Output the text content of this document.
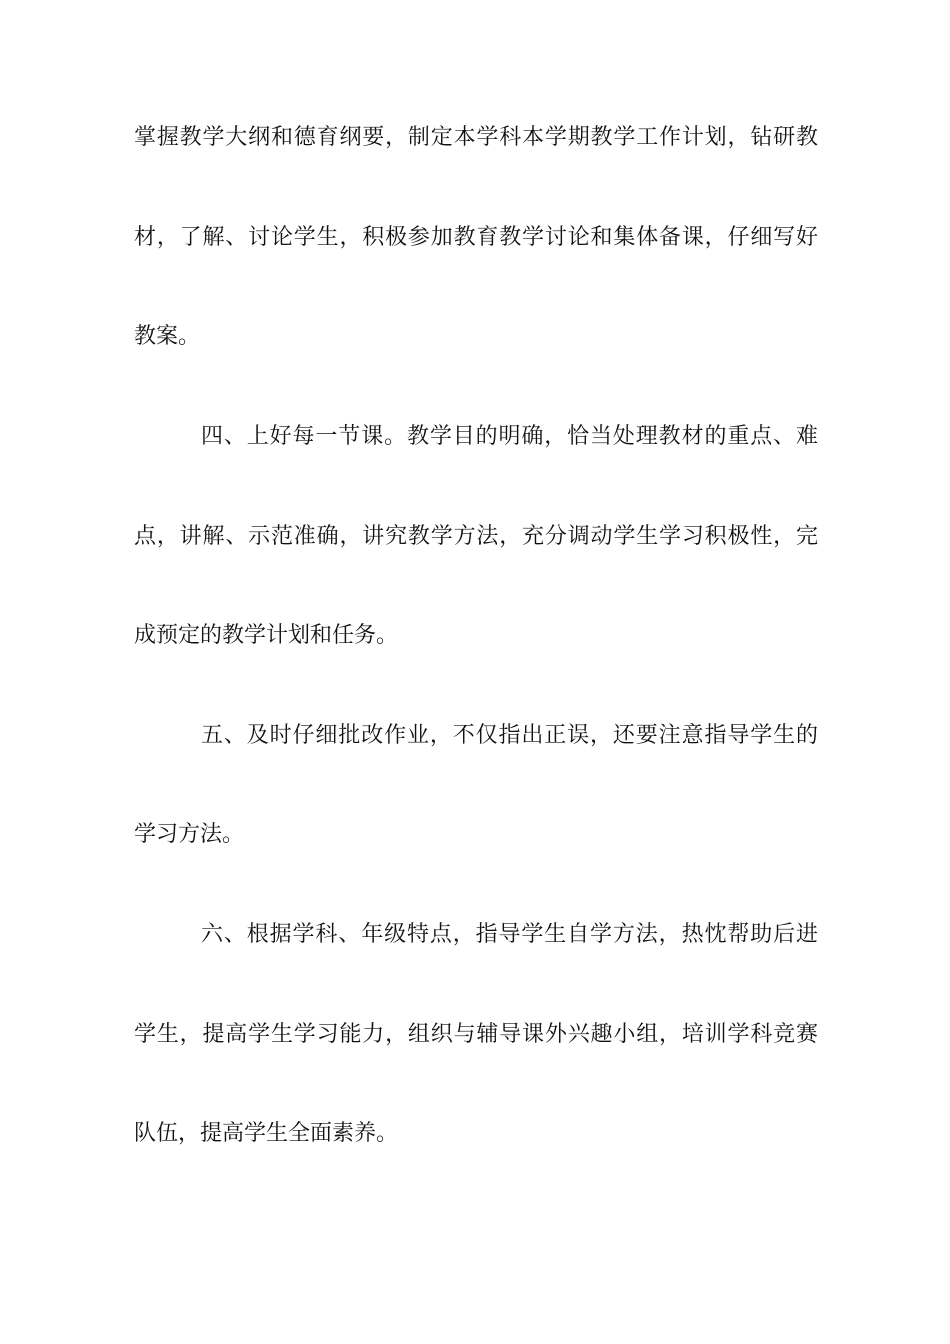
掌握教学大纲和德育纲要，制定本学科本学期教学工作计划，钻研教
材，了解、讨论学生，积极参加教育教学讨论和集体备课，仔细写好
教案。
四、上好每一节课。教学目的明确，恰当处理教材的重点、难
点，讲解、示范准确，讲究教学方法，充分调动学生学习积极性，完
成预定的教学计划和任务。
五、及时仔细批改作业，不仅指出正误，还要注意指导学生的
学习方法。
六、根据学科、年级特点，指导学生自学方法，热忱帮助后进
学生，提高学生学习能力，组织与辅导课外兴趣小组，培训学科竞赛
队伍，提高学生全面素养。
